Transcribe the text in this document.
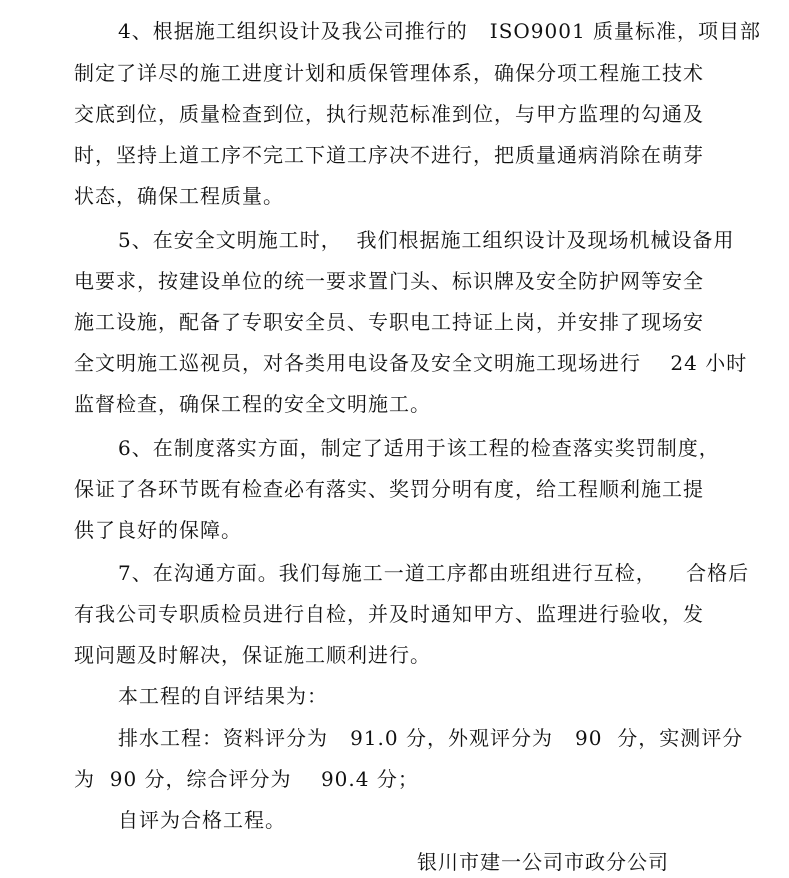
4、根据施工组织设计及我公司推行的   ISO9001 质量标准，项目部
制定了详尽的施工进度计划和质保管理体系，确保分项工程施工技术
交底到位，质量检查到位，执行规范标准到位，与甲方监理的勾通及
时，坚持上道工序不完工下道工序决不进行，把质量通病消除在萌芽
状态，确保工程质量。
5、在安全文明施工时，  我们根据施工组织设计及现场机械设备用
电要求，按建设单位的统一要求置门头、标识牌及安全防护网等安全
施工设施，配备了专职安全员、专职电工持证上岗，并安排了现场安
全文明施工巡视员，对各类用电设备及安全文明施工现场进行    24 小时
监督检查，确保工程的安全文明施工。
6、在制度落实方面，制定了适用于该工程的检查落实奖罚制度，
保证了各环节既有检查必有落实、奖罚分明有度，给工程顺利施工提
供了良好的保障。
7、在沟通方面。我们每施工一道工序都由班组进行互检，    合格后
有我公司专职质检员进行自检，并及时通知甲方、监理进行验收，发
现问题及时解决，保证施工顺利进行。
本工程的自评结果为：
排水工程：资料评分为   91.0 分，外观评分为   90  分，实测评分
为  90 分，综合评分为    90.4 分；
自评为合格工程。
银川市建一公司市政分公司
